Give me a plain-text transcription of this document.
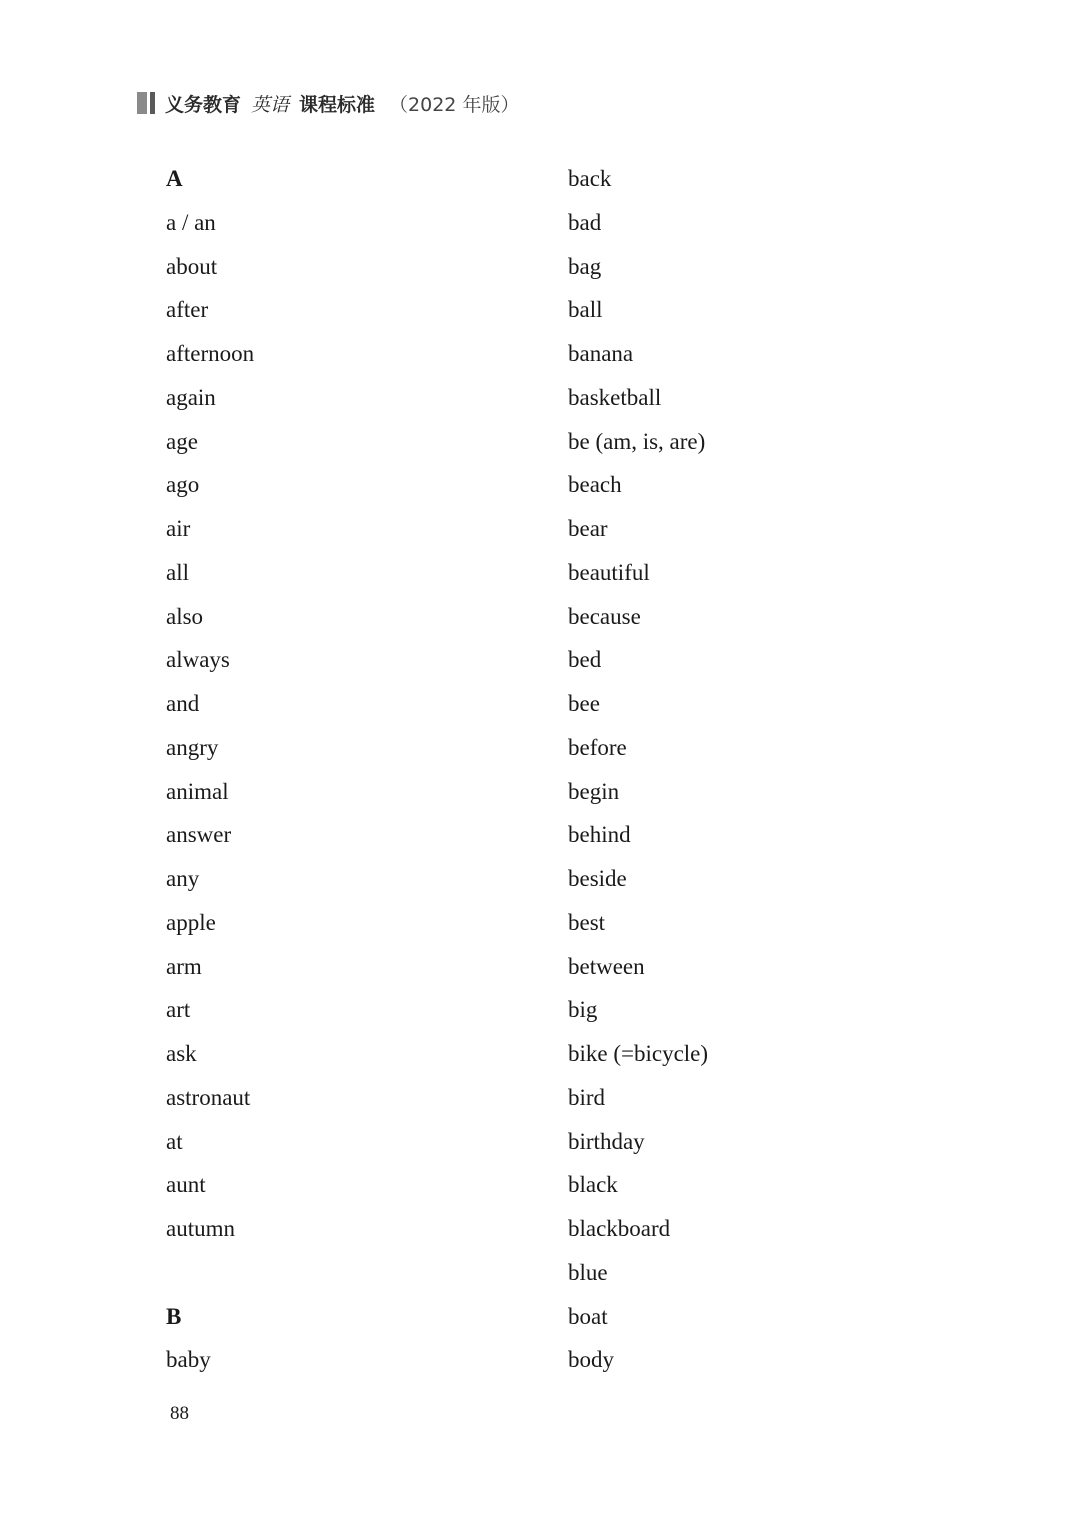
义务教育 英语 课程标准 （2022 年版）
A
a / an
about
after
afternoon
again
age
ago
air
all
also
always
and
angry
animal
answer
any
apple
arm
art
ask
astronaut
at
aunt
autumn
B
baby
back
bad
bag
ball
banana
basketball
be (am, is, are)
beach
bear
beautiful
because
bed
bee
before
begin
behind
beside
best
between
big
bike (=bicycle)
bird
birthday
black
blackboard
blue
boat
body
88
